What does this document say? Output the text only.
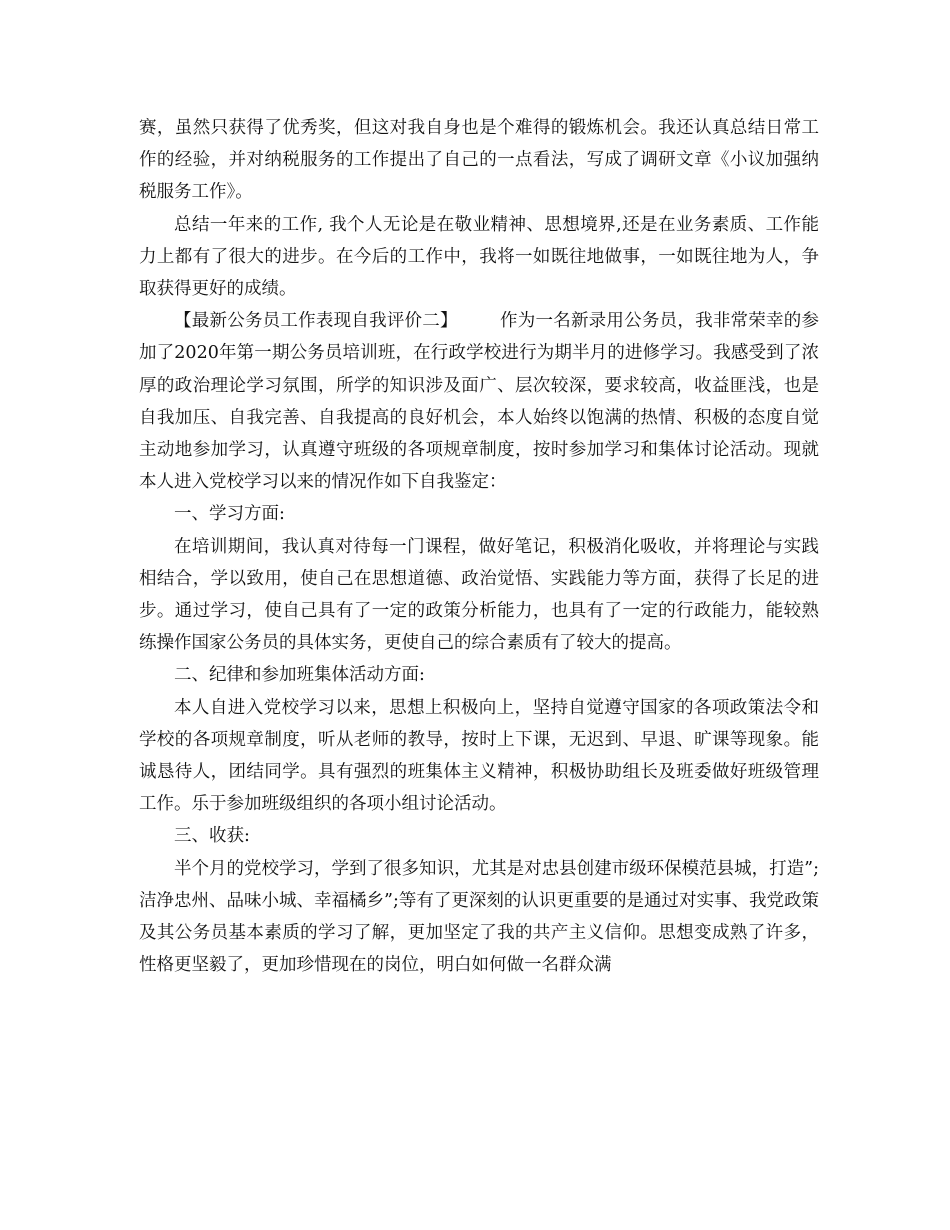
赛，虽然只获得了优秀奖，但这对我自身也是个难得的锻炼机会。我还认真总结日常工作的经验，并对纳税服务的工作提出了自己的一点看法，写成了调研文章《小议加强纳税服务工作》。

总结一年来的工作, 我个人无论是在敬业精神、思想境界,还是在业务素质、工作能力上都有了很大的进步。在今后的工作中，我将一如既往地做事，一如既往地为人，争取获得更好的成绩。

【最新公务员工作表现自我评价二】 作为一名新录用公务员，我非常荣幸的参加了2020年第一期公务员培训班，在行政学校进行为期半月的进修学习。我感受到了浓厚的政治理论学习氛围，所学的知识涉及面广、层次较深，要求较高，收益匪浅，也是自我加压、自我完善、自我提高的良好机会，本人始终以饱满的热情、积极的态度自觉主动地参加学习，认真遵守班级的各项规章制度，按时参加学习和集体讨论活动。现就本人进入党校学习以来的情况作如下自我鉴定：

一、学习方面:

在培训期间，我认真对待每一门课程，做好笔记，积极消化吸收，并将理论与实践相结合，学以致用，使自己在思想道德、政治觉悟、实践能力等方面，获得了长足的进步。通过学习，使自己具有了一定的政策分析能力，也具有了一定的行政能力，能较熟练操作国家公务员的具体实务，更使自己的综合素质有了较大的提高。

二、纪律和参加班集体活动方面:

本人自进入党校学习以来，思想上积极向上，坚持自觉遵守国家的各项政策法令和学校的各项规章制度，听从老师的教导，按时上下课，无迟到、早退、旷课等现象。能诚恳待人，团结同学。具有强烈的班集体主义精神，积极协助组长及班委做好班级管理工作。乐于参加班级组织的各项小组讨论活动。

三、收获:

半个月的党校学习，学到了很多知识，尤其是对忠县创建市级环保模范县城，打造”;洁净忠州、品味小城、幸福橘乡”;等有了更深刻的认识更重要的是通过对实事、我党政策及其公务员基本素质的学习了解，更加坚定了我的共产主义信仰。思想变成熟了许多，性格更坚毅了，更加珍惜现在的岗位，明白如何做一名群众满
